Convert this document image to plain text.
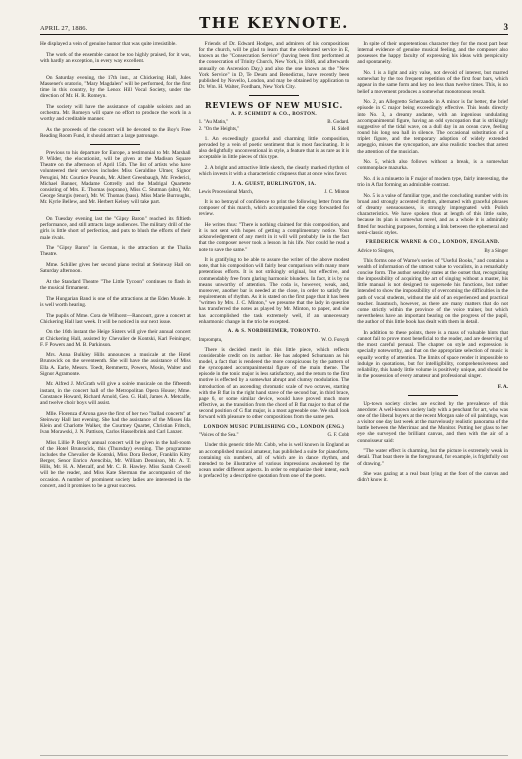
APRIL 27, 1886.	THE KEYNOTE.	3

He displayed a vein of genuine humor that was quite irresistible.

The work of the ensemble cannot be too highly praised, for it was, with hardly an exception, in every way excellent.

On Saturday evening, the 17th inst., at Chickering Hall, Jules Massenet's oratorio, "Mary Magdalen" will be performed, for the first time in this country, by the Lenox Hill Vocal Society, under the direction of Mr. H. R. Romeyn.

The society will have the assistance of capable soloists and an orchestra. Mr. Romeyn will spare no effort to produce the work in a worthy and creditable manner.

As the proceeds of the concert will be devoted to the Boy's Free Reading Room Fund, it should attract a large patronage.

Previous to his departure for Europe, a testimonial to Mr. Marshall P. Wilder, the elocutionist, will be given at the Madison Square Theatre on the afternoon of April 15th. The list of artists who have volunteered their services includes Miss Geraldine Ulmer, Signor Perugini, Mr. Courtice Pounds, Mr. Albert Greenbaugh, Mr. Frederici, Michael Banner, Madame Cottrelly and the Madrigal Quartette consisting of Mrs. E. Thomas (soprano), Miss C. Stutman (alto), Mr. George Sturgis (tenor), Mr. W. Thomas (bass). Miss Marie Burroughs, Mr. Kyrle Bellew, and Mr. Herbert Kelsey will take part.

On Tuesday evening last the "Gipsy Baron" reached its fiftieth performance, and still attracts large audiences. The military drill of the girls is little short of perfection, and puts to blush the efforts of their male rivals.

The "Gipsy Baron" in German, is the attraction at the Thalia Theatre.

Mme. Schiller gives her second piano recital at Steinway Hall on Saturday afternoon.

At the Standard Theatre "The Little Tycoon" continues to flash in the musical firmament.

The Hungarian Band is one of the attractions at the Eden Musée. It is well worth hearing.

The pupils of Mme. Cora de Wilhorst—Rancourt, gave a concert at Chickering Hall last week. It will be noticed in our next issue.

On the 16th instant the Heige Sisters will give their annual concert at Chickering Hall, assisted by Chevalier de Kontski, Karl Feininger, F. F Powers and M. B. Parkinson.

Mrs. Anna Bulkley Hills announces a musicale at the Hotel Brunswick on the seventeenth. She will have the assistance of Miss Ella A. Earle, Messrs. Toedt, Remmertz, Powers, Mosin, Walter and Signor Agramonte.

Mr. Alfred J. McGrath will give a soirée musicale on the fifteenth instant, in the concert hall of the Metropolitan Opera House; Mme. Constance Howard, Richard Arnold, Geo. G. Hall, James A. Metcalfe, and twelve choir boys will assist.

Mlle. Florenza d'Arona gave the first of her two "ballad concerts" at Steinway Hall last evening. She had the assistance of the Misses Ida Klein and Charlotte Walker, the Courtney Quartet, Christian Fritsch, Ivan Morawski, J. N. Pattison, Carlos Hasselbrink and Carl Lanzer.

Miss Lillie P. Berg's annual concert will be given in the hall-room of the Hotel Brunswick, this (Thursday) evening. The programme includes the Chevalier de Kontski, Miss Dora Becker, Franklin Kitty Berger, Senor Enrico Arencibia, Mr. William Dennison, Mr. A. T. Hills, Mr. H. A. Metcalf, and Mr. C. B. Hawley. Miss Sarah Cowell will be the reader, and Miss Kate Sherman the accompanist of the occasion. A number of prominent society ladies are interested in the concert, and it promises to be a great success.

Friends of Dr. Edward Hodges, and admirers of his compositions for the church, will be glad to learn that the celebrated service in E, known as the "Consecration Service" (having been first performed at the consecration of Trinity Church, New York, in 1846, and afterwards annually on Ascension Day,) and also the one known as the "New York Service" in D, Te Deum and Benedictus, have recently been published by Novello, London, and may be obtained by application to Dr. Wm. H. Walter, Fordham, New York City.

REVIEWS OF NEW MUSIC.
A. P. SCHMIDT & CO., BOSTON.
1. "Au Matin,"	B. Godard.
2. "On the Heights,"	H. Sidell

1. An exceedingly graceful and charming little composition, pervaded by a vein of poetic sentiment that is most fascinating. It is also delightfully unconventional in style, a feature that is as rare as it is acceptable in little pieces of this type.

2. A bright and attractive little sketch, the clearly marked rhythm of which invests it with a characteristic crispness that at once wins favor.

J. A. GUEST, BURLINGTON, IA.
Lewis Processional March,	J. C. Minton

It is no betrayal of confidence to print the following letter from the composer of this march, which accompanied the copy forwarded for review.

He writes thus: "There is nothing claimed for this composition, and it is not sent with hopes of getting a complimentary notice. Your acknowledgement of any merit in it will will probably lie in the fact that the composer never took a lesson in his life. Nor could he read a note to save the same."

It is gratifying to be able to assure the writer of the above modest note, that his composition will fairly bear comparison with many more pretentious efforts. It is not strikingly original, but effective, and commendably free from glaring harmonic blunders. In fact, it is by no means unworthy of attention. The coda is, however, weak, and, moreover, another bar is needed at the close, in order to satisfy the requirements of rhythm. As it is stated on the first page that it has been "written by Mrs. J. C. Minton," we presume that the lady in question has transferred the notes as played by Mr. Minton, to paper, and she has accomplished the task extremely well, if an unnecessary enharmonic change in the trio be excepted.

A. & S. NORDHEIMER, TORONTO.
Impromptu,	W. O. Forsyth

There is decided merit in this little piece, which reflects considerable credit on its author. He has adopted Schumann as his model, a fact that is rendered the more conspicuous by the pattern of the syncopated accompanimental figure of the main theme. The episode in the tonic major is less satisfactory, and the return to the first motive is effected by a somewhat abrupt and clumsy modulation. The introduction of an ascending chromatic scale of two octaves, starting with the B flat in the right hand stave of the second bar, in third brace, page 6, or some similar device, would have proved much more effective, as the transition from the chord of B flat major to that of the second position of G flat major, is a most agreeable one. We shall look forward with pleasure to other compositions from the same pen.

LONDON MUSIC PUBLISHING CO., LONDON (ENG.)
"Voices of the Sea."	G. F. Cobb

Under this generic title Mr. Cobb, who is well known in England as an accomplished musical amateur, has published a suite for pianoforte, containing six numbers, all of which are in dance rhythm, and intended to be illustrative of various impressions awakened by the ocean under different aspects. In order to emphasize their intent, each is prefaced by a descriptive quotation from one of the poets.

In spite of their unpretentious character they for the most part bear internal evidence of genuine musical feeling, and the composer also possesses the happy faculty of expressing his ideas with perspicuity and spontaneity.

No. 1 is a light and airy valse, not devoid of interest, but marred somewhat by the too frequent repetition of the first four bars, which appear in the same form and key no less than twelve times. This, is no belief a movement produces a somewhat monotonous result.

No. 2, an Allegretto Scherzando in A minor is far better, the brief episode in C major being exceedingly effective. This leads directly into No. 3, a dreamy andante, with an ingenious undulating accompanimental figure, having an odd syncopation that is strikingly suggestive of the tidal wave, on a dull day in an ocean cave, feeling round his long sea hall in silence. The occasional substitution of a triplet figure, and the temporary adoption of widely extended arpeggio, misses the syncopation, are also realistic touches that arrest the attention of the musician.

No. 5, which also follows without a break, is a somewhat commonplace mazurka.

No. 4 is a minuetto in F major of modern type, fairly interesting, the trio in A flat forming an admirable contrast.

No. 5 is a valse of familiar type, and the concluding number with its broad and strongly accented rhythm, alternated with graceful phrases of dreamy sensuousness, is strongly impregnated with Polish characteristics. We have spoken thus at length of this little suite, because its plan is somewhat novel, and as a whole it is admirably fitted for teaching purposes, forming a link between the ephemeral and semi-classic styles.

FREDERICK WARNE & CO., LONDON, ENGLAND.
Advice to Singers,	By a Singer

This forms one of Warne's series of "Useful Books," and contains a wealth of information of the utmost value to vocalists, in a remarkably concise form. The author sensibly states at the outset that, recognizing the impossibility of acquiring the art of singing without a master, his little manual is not designed to supersede his functions, but rather intended to show the impossibility of overcoming the difficulties in the path of vocal students, without the aid of an experienced and practical teacher. Inasmuch, however, as there are many matters that do not come strictly within the province of the voice trainer, but which nevertheless have an important bearing on the progress of the pupil, the author of this little book has dealt with them in detail.

In addition to these points, there is a mass of valuable hints that cannot fail to prove most beneficial to the reader, and are deserving of the most careful perusal. The chapter on style and expression is specially noteworthy, and that on the appropriate selection of music is equally worthy of attention. The limits of space render it impossible to indulge in quotations, but for intelligibility, comprehensiveness and reliability, this handy little volume is positively unique, and should be in the possession of every amateur and professional singer.

F. A.

Up-town society circles are excited by the prevalence of this anecdote: A well-known society lady with a penchant for art, who was one of the liberal buyers at the recent Morgan sale of oil paintings, was a visitor one day last week at the marvelously realistic panorama of the battle between the Merrimac and the Monitor. Putting her glass to her eye she surveyed the brilliant canvas, and then with the air of a connoisseur said:

"The water effect is charming, but the picture is extremely weak in detail. That boat there in the foreground, for example, is frightfully out of drawing."

She was gazing at a real boat lying at the foot of the canvas and didn't know it.
